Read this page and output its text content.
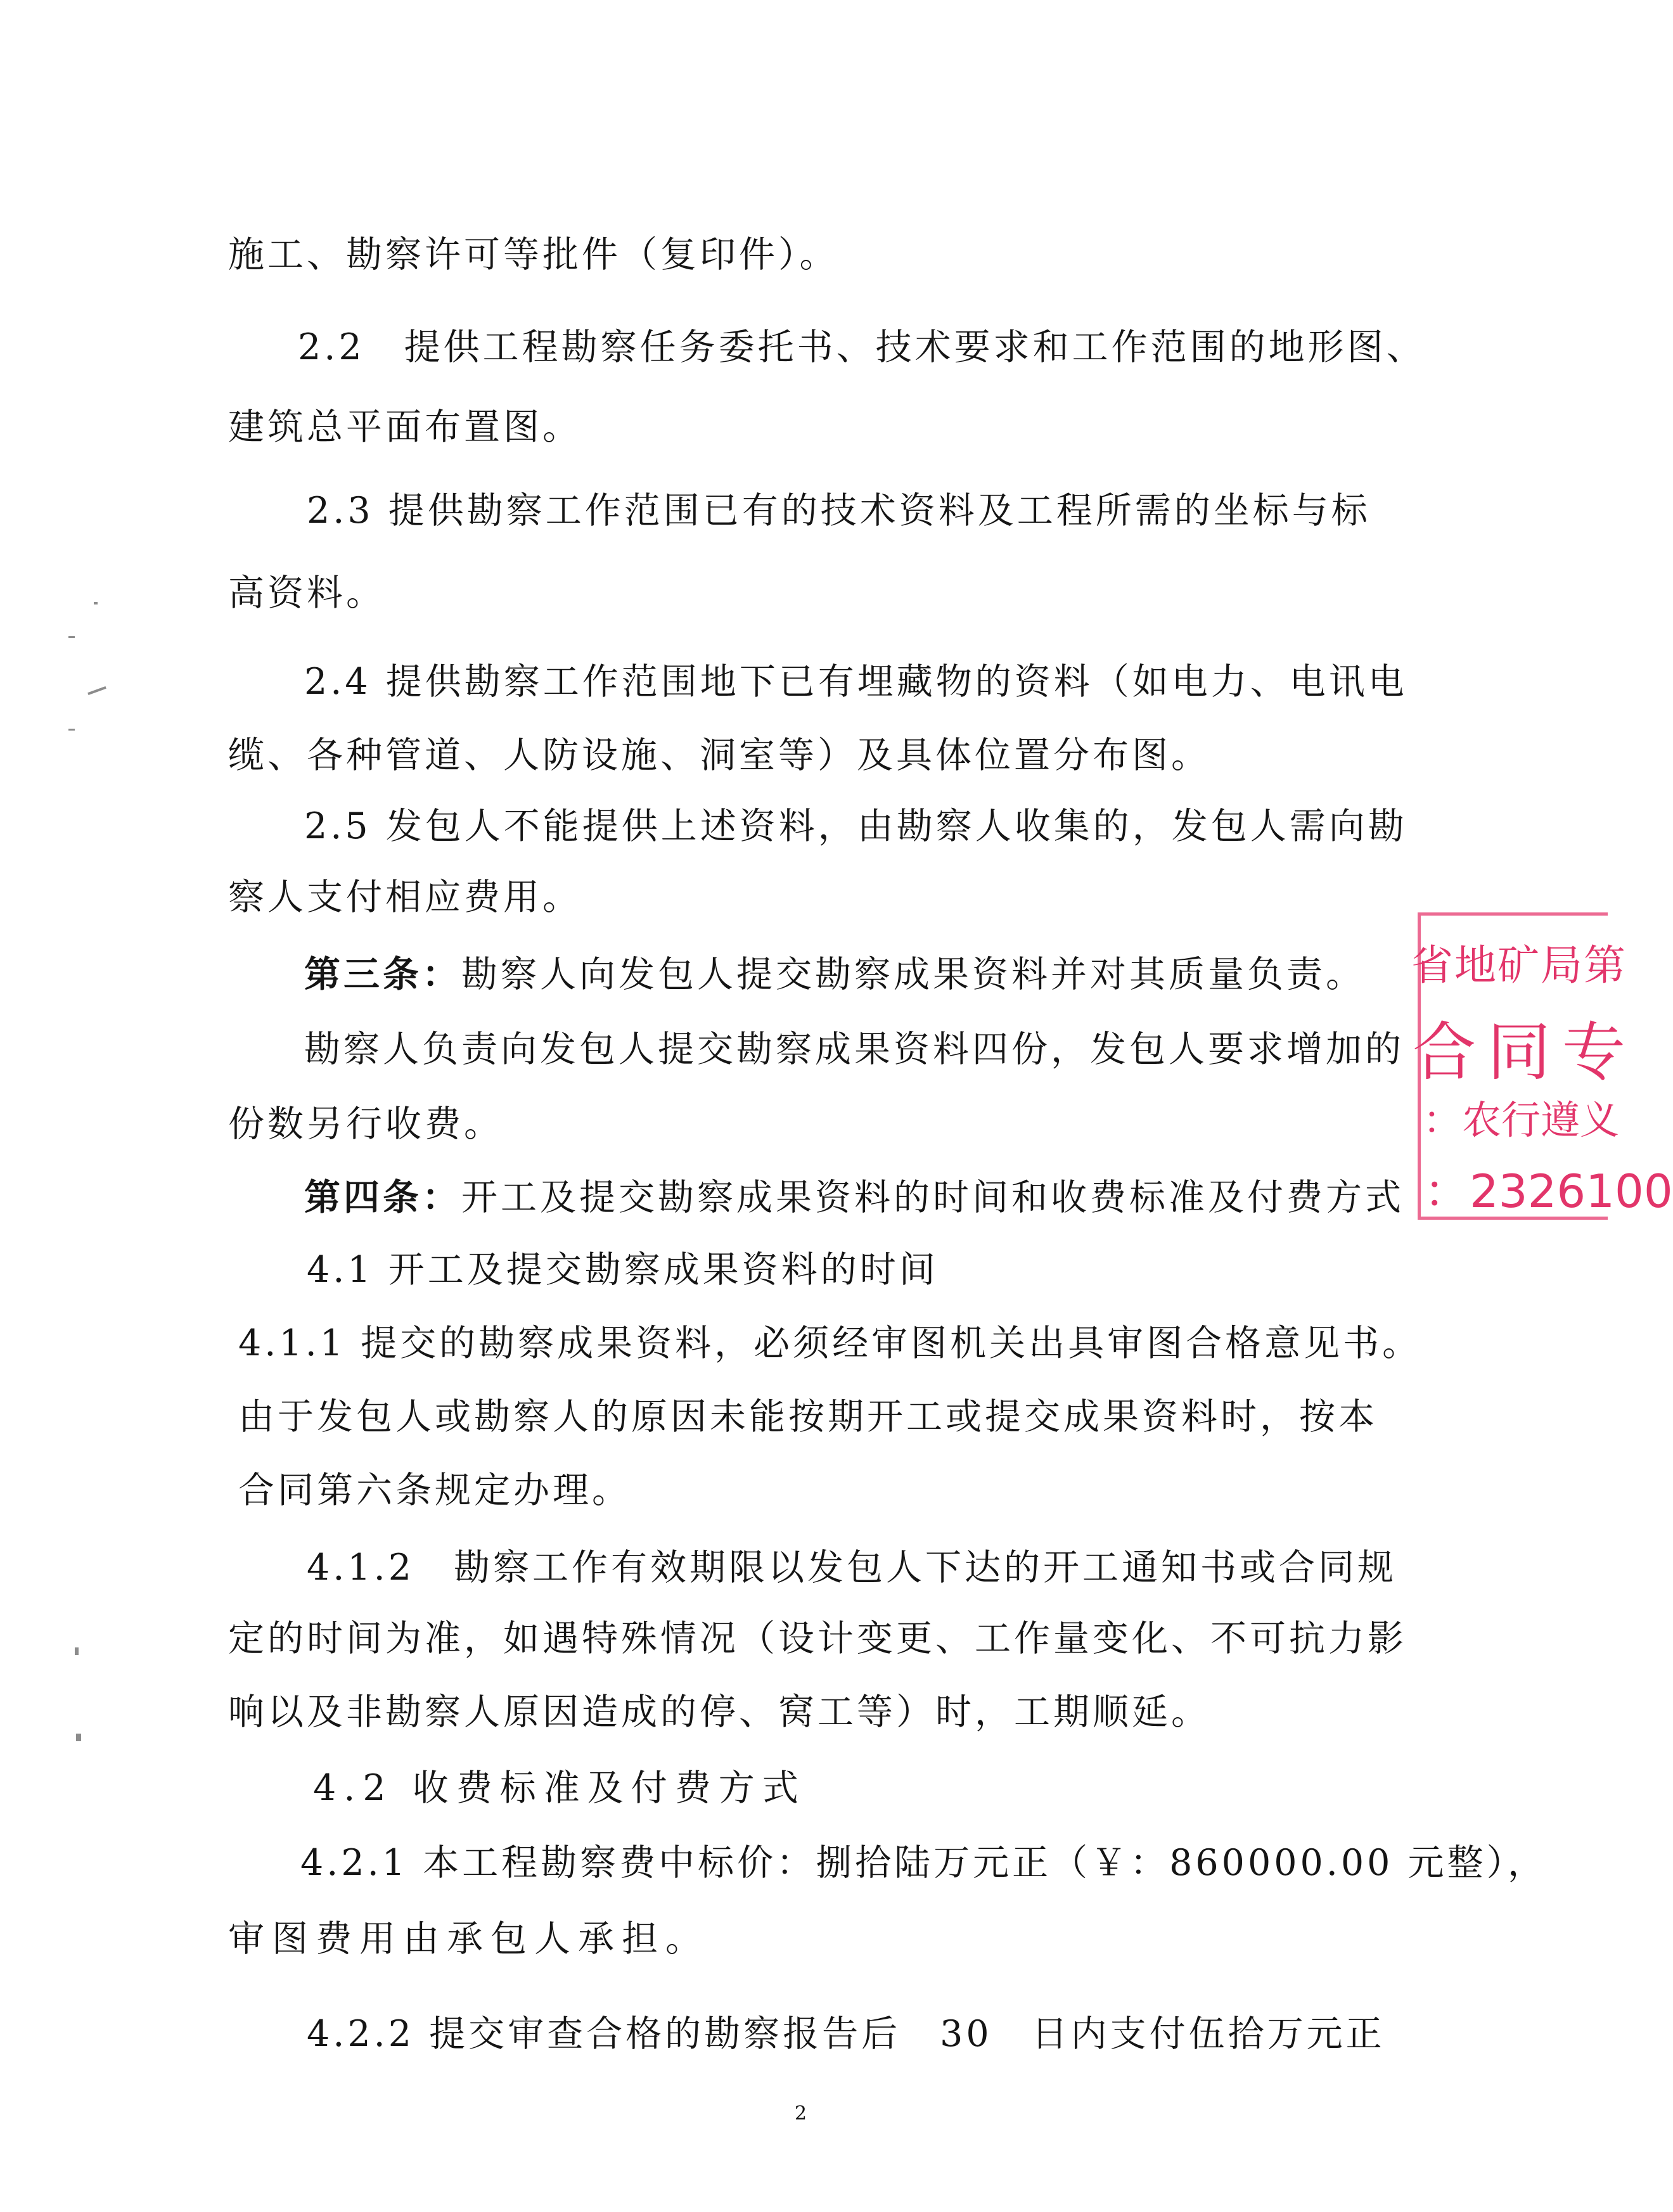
施工、勘察许可等批件（复印件）。
2.2　提供工程勘察任务委托书、技术要求和工作范围的地形图、
建筑总平面布置图。
2.3 提供勘察工作范围已有的技术资料及工程所需的坐标与标
高资料。
2.4 提供勘察工作范围地下已有埋藏物的资料（如电力、电讯电
缆、各种管道、人防设施、洞室等）及具体位置分布图。
2.5 发包人不能提供上述资料，由勘察人收集的，发包人需向勘
察人支付相应费用。
第三条：勘察人向发包人提交勘察成果资料并对其质量负责。
勘察人负责向发包人提交勘察成果资料四份，发包人要求增加的
份数另行收费。
第四条：开工及提交勘察成果资料的时间和收费标准及付费方式
4.1 开工及提交勘察成果资料的时间
4.1.1 提交的勘察成果资料，必须经审图机关出具审图合格意见书。
由于发包人或勘察人的原因未能按期开工或提交成果资料时，按本
合同第六条规定办理。
4.1.2　勘察工作有效期限以发包人下达的开工通知书或合同规
定的时间为准，如遇特殊情况（设计变更、工作量变化、不可抗力影
响以及非勘察人原因造成的停、窝工等）时，工期顺延。
4.2 收费标准及付费方式
4.2.1 本工程勘察费中标价：捌拾陆万元正（￥：860000.00 元整），
审图费用由承包人承担。
4.2.2 提交审查合格的勘察报告后　30　日内支付伍拾万元正
2
省地矿局第
合同专
：农行遵义
：2326100
